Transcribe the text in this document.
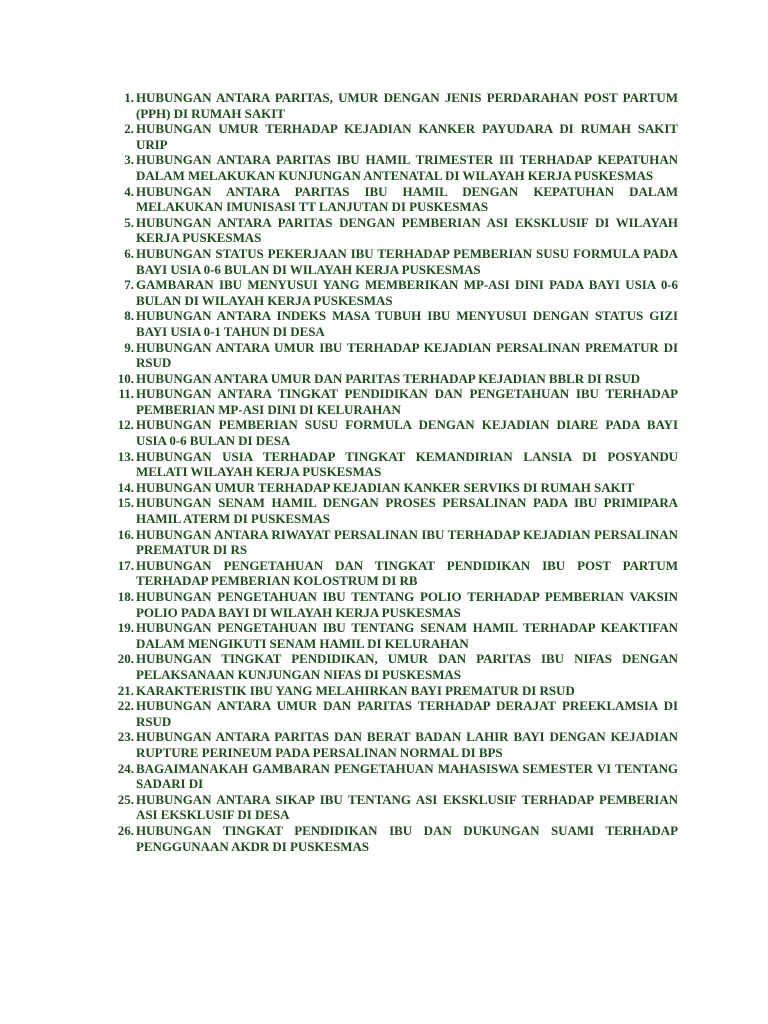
1. HUBUNGAN ANTARA PARITAS, UMUR DENGAN JENIS PERDARAHAN POST PARTUM (PPH) DI RUMAH SAKIT
2. HUBUNGAN UMUR TERHADAP KEJADIAN KANKER PAYUDARA DI RUMAH SAKIT URIP
3. HUBUNGAN ANTARA PARITAS IBU HAMIL TRIMESTER III TERHADAP KEPATUHAN DALAM MELAKUKAN KUNJUNGAN ANTENATAL DI WILAYAH KERJA PUSKESMAS
4. HUBUNGAN ANTARA PARITAS IBU HAMIL DENGAN KEPATUHAN DALAM MELAKUKAN IMUNISASI TT LANJUTAN DI PUSKESMAS
5. HUBUNGAN ANTARA PARITAS DENGAN PEMBERIAN ASI EKSKLUSIF DI WILAYAH KERJA PUSKESMAS
6. HUBUNGAN STATUS PEKERJAAN IBU TERHADAP PEMBERIAN SUSU FORMULA PADA BAYI USIA 0-6 BULAN DI WILAYAH KERJA PUSKESMAS
7. GAMBARAN IBU MENYUSUI YANG MEMBERIKAN MP-ASI DINI PADA BAYI USIA 0-6 BULAN DI WILAYAH KERJA PUSKESMAS
8. HUBUNGAN ANTARA INDEKS MASA TUBUH IBU MENYUSUI DENGAN STATUS GIZI BAYI USIA 0-1 TAHUN DI DESA
9. HUBUNGAN ANTARA UMUR IBU TERHADAP KEJADIAN PERSALINAN PREMATUR DI RSUD
10. HUBUNGAN ANTARA UMUR DAN PARITAS TERHADAP KEJADIAN BBLR DI RSUD
11. HUBUNGAN ANTARA TINGKAT PENDIDIKAN DAN PENGETAHUAN IBU TERHADAP PEMBERIAN MP-ASI DINI DI KELURAHAN
12. HUBUNGAN PEMBERIAN SUSU FORMULA DENGAN KEJADIAN DIARE PADA BAYI USIA 0-6 BULAN DI DESA
13. HUBUNGAN USIA TERHADAP TINGKAT KEMANDIRIAN LANSIA DI POSYANDU MELATI WILAYAH KERJA PUSKESMAS
14. HUBUNGAN UMUR TERHADAP KEJADIAN KANKER SERVIKS DI RUMAH SAKIT
15. HUBUNGAN SENAM HAMIL DENGAN PROSES PERSALINAN PADA IBU PRIMIPARA HAMIL ATERM DI PUSKESMAS
16. HUBUNGAN ANTARA RIWAYAT PERSALINAN IBU TERHADAP KEJADIAN PERSALINAN PREMATUR DI RS
17. HUBUNGAN PENGETAHUAN DAN TINGKAT PENDIDIKAN IBU POST PARTUM TERHADAP PEMBERIAN KOLOSTRUM DI RB
18. HUBUNGAN PENGETAHUAN IBU TENTANG POLIO TERHADAP PEMBERIAN VAKSIN POLIO PADA BAYI DI WILAYAH KERJA PUSKESMAS
19. HUBUNGAN PENGETAHUAN IBU TENTANG SENAM HAMIL TERHADAP KEAKTIFAN DALAM MENGIKUTI SENAM HAMIL DI KELURAHAN
20. HUBUNGAN TINGKAT PENDIDIKAN, UMUR DAN PARITAS IBU NIFAS DENGAN PELAKSANAAN KUNJUNGAN NIFAS DI PUSKESMAS
21. KARAKTERISTIK IBU YANG MELAHIRKAN BAYI PREMATUR DI RSUD
22. HUBUNGAN ANTARA UMUR DAN PARITAS TERHADAP DERAJAT PREEKLAMSIA DI RSUD
23. HUBUNGAN ANTARA PARITAS DAN BERAT BADAN LAHIR BAYI DENGAN KEJADIAN RUPTURE PERINEUM PADA PERSALINAN NORMAL DI BPS
24. BAGAIMANAKAH GAMBARAN PENGETAHUAN MAHASISWA SEMESTER VI TENTANG SADARI DI
25. HUBUNGAN ANTARA SIKAP IBU TENTANG ASI EKSKLUSIF TERHADAP PEMBERIAN ASI EKSKLUSIF DI DESA
26. HUBUNGAN TINGKAT PENDIDIKAN IBU DAN DUKUNGAN SUAMI TERHADAP PENGGUNAAN AKDR DI PUSKESMAS
